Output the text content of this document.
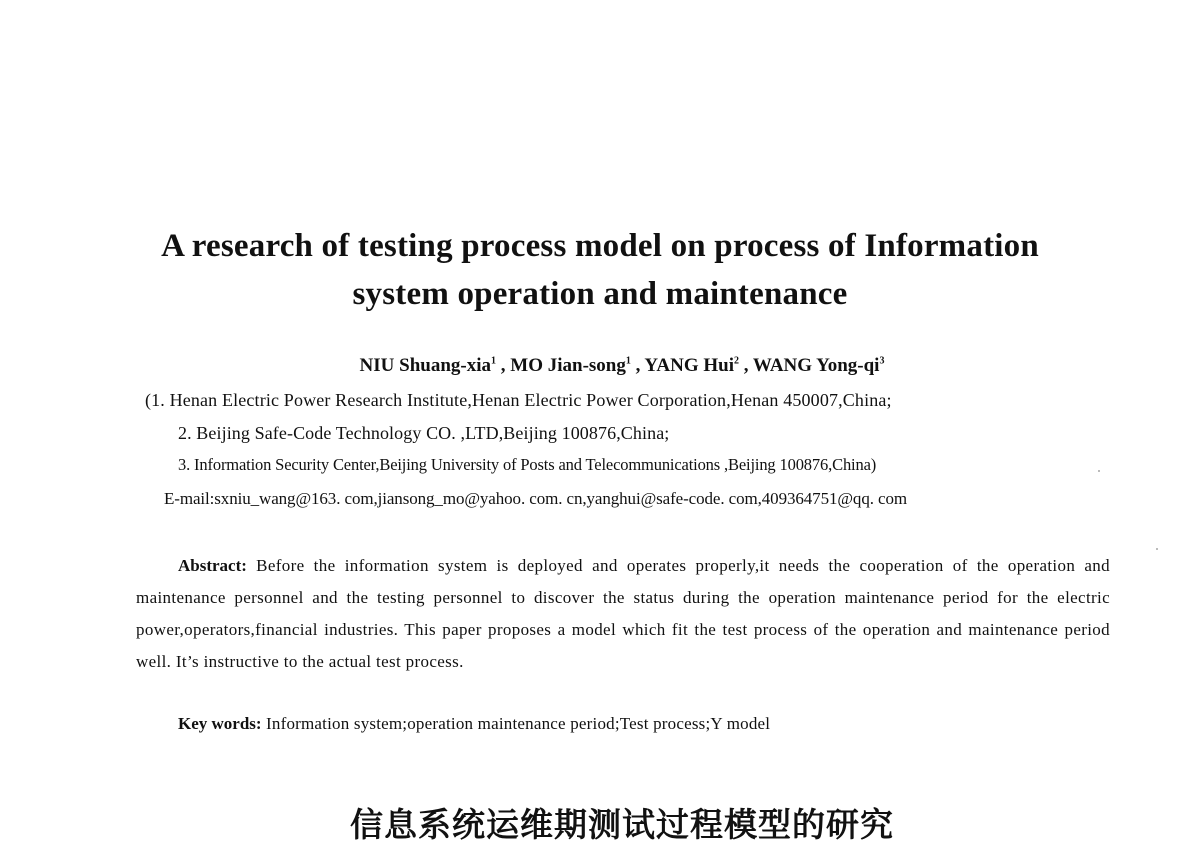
A research of testing process model on process of Information
system operation and maintenance
NIU Shuang-xia$^1$ , MO Jian-song$^1$ , YANG Hui$^2$ , WANG Yong-$qi^3$
(1. Henan Electric Power Research Institute,Henan Electric Power Corporation,Henan 450007,China;
2. Beijing Safe-Code Technology CO. ,LTD,Beijing 100876,China;
3. Information Security Center,Beijing University of Posts and Telecommunications ,Beijing 100876,China)
E-mail:sxniu_wang@163. com,jiansong_mo@yahoo. com. cn,yanghui@safe-code. com,409364751@qq. com
Abstract: Before the information system is deployed and operates properly,it needs the cooperation of the operation and maintenance personnel and the testing personnel to discover the status during the operation maintenance period for the electric power,operators,financial industries. This paper proposes a model which fit the test process of the operation and maintenance period well. It’s instructive to the actual test process.
Key words: Information system;operation maintenance period;Test process;Y model
信息系统运维期测试过程模型的研究
